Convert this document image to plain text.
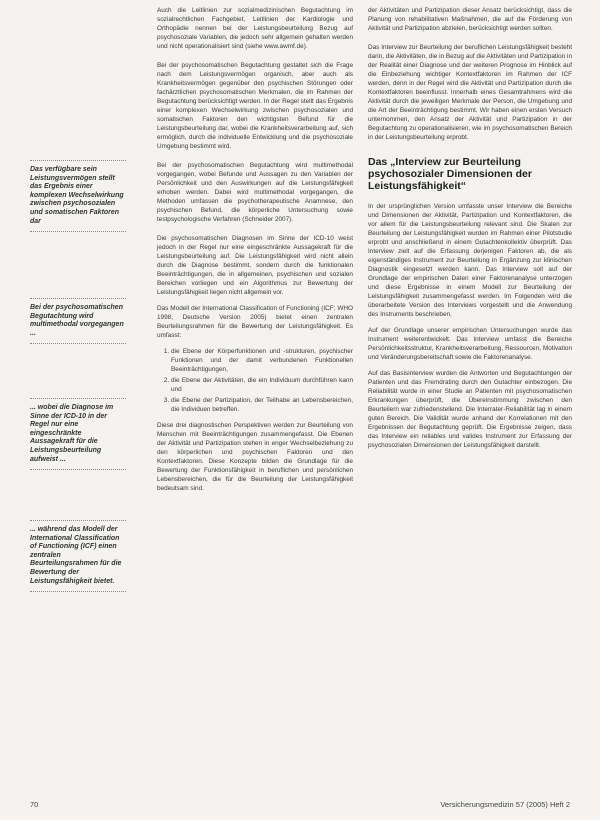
Das verfügbare sein Leistungsvermögen stellt das Ergebnis einer komplexen Wechselwirkung zwischen psychosozialen und somatischen Faktoren dar
Bei der psychosomatischen Begutachtung wird multimethodal vorgegangen ...
... wobei die Diagnose im Sinne der ICD-10 in der Regel nur eine eingeschränkte Aussagekraft für die Leistungsbeurteilung aufweist ...
... während das Modell der International Classification of Functioning (ICF) einen zentralen Beurteilungsrahmen für die Bewertung der Leistungsfähigkeit bietet.

Auch die Leitlinien zur sozialmedizinischen Begutachtung im sozialrechtlichen Fachgebiet, Leitlinien der Kardiologie und Orthopädie nennen bei der Leistungsbeurteilung Bezug auf psychosoziale Variablen, die jedoch sehr allgemein gehalten werden und nicht operationalisiert sind (siehe www.awmf.de).

Bei der psychosomatischen Begutachtung gestaltet sich die Frage nach dem Leistungsvermögen organisch, aber auch als Krankheitsvermögen gegenüber den psychischen Störungen oder fachärztlichen psychosomatischen Merkmalen, die im Rahmen der Begutachtung berücksichtigt werden. In der Regel stellt das Ergebnis einer komplexen Wechselwirkung zwischen psychosozialen und somatischen Faktoren den wichtigsten Befund für die Leistungsbeurteilung dar, wobei die Krankheitsverarbeitung auf, sich ermöglich, durch die individuelle Entwicklung und die psychosoziale Umgebung bestimmt wird.

Bei der psychosomatischen Begutachtung wird multimethodal vorgegangen, wobei Befunde und Aussagen zu den Variablen der Persönlichkeit und den Auswirkungen auf die Leistungsfähigkeit erhoben werden. Dabei wird multimethodal vorgegangen, die Methoden umfassen die psychotherapeutische Anamnese, den psychischen Befund, die körperliche Untersuchung sowie testpsychologische Verfahren (Schneider 2007).

Die psychosomatischen Diagnosen im Sinne der ICD-10 weist jedoch in der Regel nur eine eingeschränkte Aussagekraft für die Leistungsbeurteilung auf. Die Leistungsfähigkeit wird nicht allein durch die Diagnose bestimmt, sondern durch die funktionalen Beeinträchtigungen, die in allgemeinen, psychischen und sozialen Bereichen vorliegen und ein Algorithmus zur Bewertung der Leistungsfähigkeit liegen nicht allgemein vor.

Das Modell der International Classification of Functioning (ICF; WHO 1998, Deutsche Version 2005) bietet einen zentralen Beurteilungsrahmen für die Bewertung der Leistungsfähigkeit. Es umfasst:

1. die Ebene der Körperfunktionen und -strukturen, psychischer Funktionen und der damit verbundenen Funktionellen Beeinträchtigungen,
2. die Ebene der Aktivitäten, die ein Individuum durchführen kann und
3. die Ebene der Partizipation, der Teilhabe an Lebensbereichen, die Individuen betreffen.

Diese drei diagnostischen Perspektiven werden zur Beurteilung von Menschen mit Beeinträchtigungen zusammengefasst. Die Ebenen der Aktivität und Partizipation stehen in enger Wechselbeziehung zu den körperlichen und psychischen Faktoren und den Kontextfaktoren. Diese Konzepte bilden die Grundlage für die Bewertung der Funktionsfähigkeit in beruflichen und persönlichen Lebensbereichen, die für die Beurteilung der Leistungsfähigkeit bedeutsam sind.

der Aktivitäten und Partizipation dieser Ansatz berücksichtigt, dass die Planung von rehabilitativen Maßnahmen, die auf die Förderung von Aktivität und Partizipation abzielen, berücksichtigt werden sollten.

Das Interview zur Beurteilung der beruflichen Leistungsfähigkeit besteht darin, die Aktivitäten, die in Bezug auf die Aktivitäten und Partizipation in der Realität einer Diagnose und der weiteren Prognose im Hinblick auf die Einbeziehung wichtiger Kontextfaktoren im Rahmen der ICF werden, denn in der Regel wird die Aktivität und Partizipation durch die Kontextfaktoren beeinflusst. Innerhalb eines Gesamtrahmens wird die Aktivität durch die jeweiligen Merkmale der Person, die Umgebung und die Art der Beeinträchtigung bestimmt. Wir haben einen ersten Versuch unternommen, den Ansatz der Aktivität und Partizipation in der Begutachtung zu operationalisieren, wie im psychosomatischen Bereich in der Leistungsbeurteilung erprobt.

Das „Interview zur Beurteilung psychosozialer Dimensionen der Leistungsfähigkeit“

In der ursprünglichen Version umfasste unser Interview die Bereiche und Dimensionen der Aktivität, Partizipation und Kontextfaktoren, die vor allem für die Leistungsbeurteilung relevant sind. Die Skalen zur Beurteilung der Leistungsfähigkeit wurden im Rahmen einer Pilotstudie erprobt und anschließend in einem Gutachtenkollektiv überprüft. Das Interview zielt auf die Erfassung derjenigen Faktoren ab, die als eigenständiges Instrument zur Beurteilung in Ergänzung zur klinischen Diagnostik eingesetzt werden kann. Das Interview soll auf der Grundlage der empirischen Daten einer Faktorenanalyse unterzogen und diese Ergebnisse in einem Modell zur Beurteilung der Leistungsfähigkeit zusammengefasst werden. Im Folgenden wird die überarbeitete Version des Interviews vorgestellt und die Anwendung des Instruments beschrieben.

Auf der Grundlage unserer empirischen Untersuchungen wurde das Instrument weiterentwickelt. Das Interview umfasst die Bereiche Persönlichkeitsstruktur, Krankheitsverarbeitung, Ressourcen, Motivation und Veränderungsbereitschaft sowie die Faktorenanalyse.

Auf das Basisinterview wurden die Antworten und Begutachtungen der Patienten und das Fremdrating durch den Gutachter einbezogen. Die Reliabilität wurde in einer Studie an Patienten mit psychosomatischen Erkrankungen überprüft, die Übereinstimmung zwischen den Beurteilern war zufriedenstellend. Die Interrater-Reliabilität lag in einem guten Bereich. Die Validität wurde anhand der Korrelationen mit den Ergebnissen der Begutachtung geprüft. Die Ergebnisse zeigen, dass das Interview ein reliables und valides Instrument zur Erfassung der psychosozialen Dimensionen der Leistungsfähigkeit darstellt.

70	Versicherungsmedizin 57 (2005) Heft 2
